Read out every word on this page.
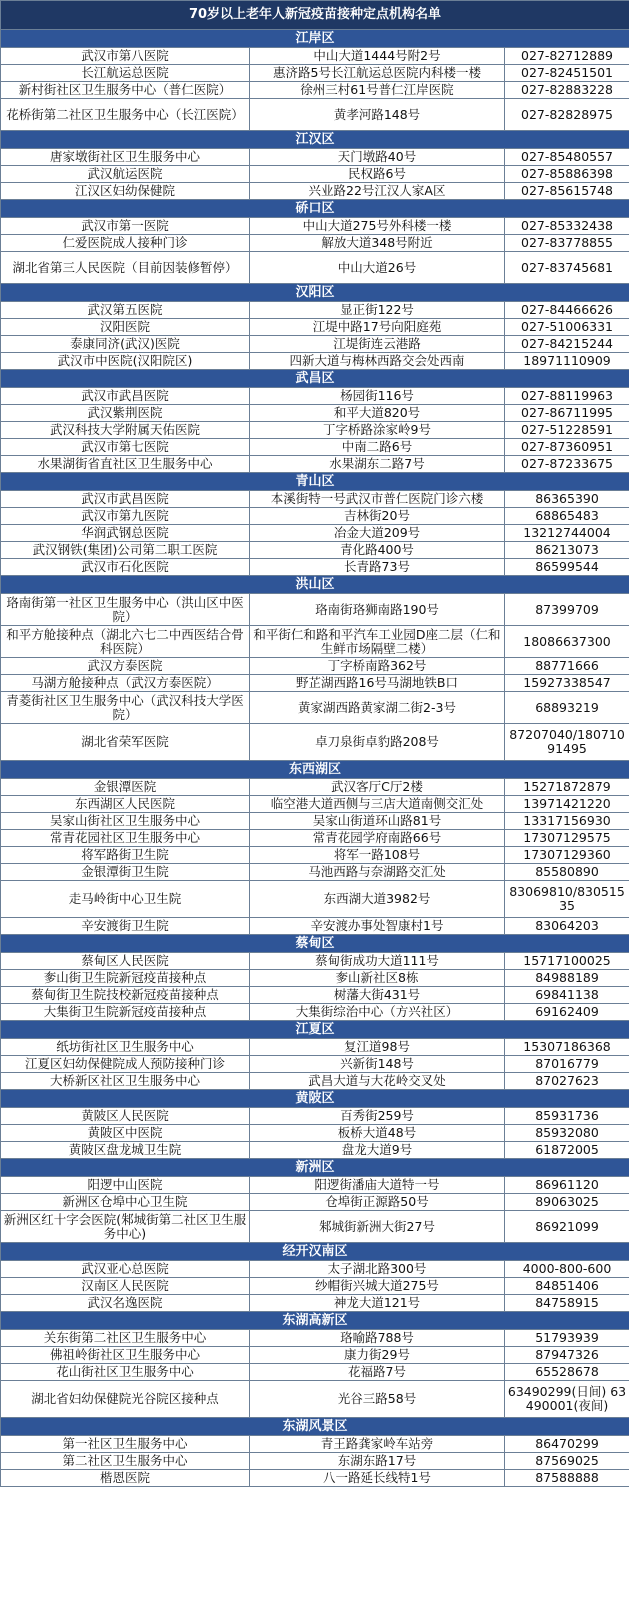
70岁以上老年人新冠疫苗接种定点机构名单		
江岸区		
武汉市第八医院	中山大道1444号附2号	027-82712889
长江航运总医院	惠济路5号长江航运总医院内科楼一楼	027-82451501
新村街社区卫生服务中心（普仁医院）	徐州三村61号普仁江岸医院	027-82883228
花桥街第二社区卫生服务中心（长江医院）	黄孝河路148号	027-82828975
江汉区		
唐家墩街社区卫生服务中心	天门墩路40号	027-85480557
武汉航运医院	民权路6号	027-85886398
江汉区妇幼保健院	兴业路22号江汉人家A区	027-85615748
硚口区		
武汉市第一医院	中山大道275号外科楼一楼	027-85332438
仁爱医院成人接种门诊	解放大道348号附近	027-83778855
湖北省第三人民医院（目前因装修暂停）	中山大道26号	027-83745681
汉阳区		
武汉第五医院	显正街122号	027-84466626
汉阳医院	江堤中路17号向阳庭苑	027-51006331
泰康同济(武汉)医院	江堤街连云港路	027-84215244
武汉市中医院(汉阳院区)	四新大道与梅林西路交会处西南	18971110909
武昌区		
武汉市武昌医院	杨园街116号	027-88119963
武汉紫荆医院	和平大道820号	027-86711995
武汉科技大学附属天佑医院	丁字桥路涂家岭9号	027-51228591
武汉市第七医院	中南二路6号	027-87360951
水果湖街省直社区卫生服务中心	水果湖东二路7号	027-87233675
青山区		
武汉市武昌医院	本溪街特一号武汉市普仁医院门诊六楼	86365390
武汉市第九医院	吉林街20号	68865483
华润武钢总医院	冶金大道209号	13212744004
武汉钢铁(集团)公司第二职工医院	青化路400号	86213073
武汉市石化医院	长青路73号	86599544
洪山区		
珞南街第一社区卫生服务中心（洪山区中医院）	珞南街珞狮南路190号	87399709
和平方舱接种点（湖北六七二中西医结合骨科医院）	和平街仁和路和平汽车工业园D座二层（仁和生鲜市场隔壁二楼）	18086637300
武汉方泰医院	丁字桥南路362号	88771666
马湖方舱接种点（武汉方泰医院）	野芷湖西路16号马湖地铁B口	15927338547
青菱街社区卫生服务中心（武汉科技大学医院）	黄家湖西路黄家湖二街2-3号	68893219
湖北省荣军医院	卓刀泉街卓豹路208号	87207040/18071091495
东西湖区		
金银潭医院	武汉客厅C厅2楼	15271872879
东西湖区人民医院	临空港大道西侧与三店大道南侧交汇处	13971421220
吴家山街社区卫生服务中心	吴家山街道环山路81号	13317156930
常青花园社区卫生服务中心	常青花园学府南路66号	17307129575
将军路街卫生院	将军一路108号	17307129360
金银潭街卫生院	马池西路与奈湖路交汇处	85580890
走马岭街中心卫生院	东西湖大道3982号	83069810/83051535
辛安渡街卫生院	辛安渡办事处智康村1号	83064203
蔡甸区		
蔡甸区人民医院	蔡甸街成功大道111号	15717100025
奓山街卫生院新冠疫苗接种点	奓山新社区8栋	84988189
蔡甸街卫生院技校新冠疫苗接种点	树藩大街431号	69841138
大集街卫生院新冠疫苗接种点	大集街综治中心（方兴社区）	69162409
江夏区		
纸坊街社区卫生服务中心	复江道98号	15307186368
江夏区妇幼保健院成人预防接种门诊	兴新街148号	87016779
大桥新区社区卫生服务中心	武昌大道与大花岭交叉处	87027623
黄陂区		
黄陂区人民医院	百秀街259号	85931736
黄陂区中医院	板桥大道48号	85932080
黄陂区盘龙城卫生院	盘龙大道9号	61872005
新洲区		
阳逻中山医院	阳逻街潘庙大道特一号	86961120
新洲区仓埠中心卫生院	仓埠街正源路50号	89063025
新洲区红十字会医院(邾城街第二社区卫生服务中心)	邾城街新洲大街27号	86921099
经开汉南区		
武汉亚心总医院	太子湖北路300号	4000-800-600
汉南区人民医院	纱帽街兴城大道275号	84851406
武汉名逸医院	神龙大道121号	84758915
东湖高新区		
关东街第二社区卫生服务中心	珞喻路788号	51793939
佛祖岭街社区卫生服务中心	康力街29号	87947326
花山街社区卫生服务中心	花福路7号	65528678
湖北省妇幼保健院光谷院区接种点	光谷三路58号	63490299(日间) 63490001(夜间)
东湖风景区		
第一社区卫生服务中心	青王路龚家岭车站旁	86470299
第二社区卫生服务中心	东湖东路17号	87569025
楷恩医院	八一路延长线特1号	87588888
